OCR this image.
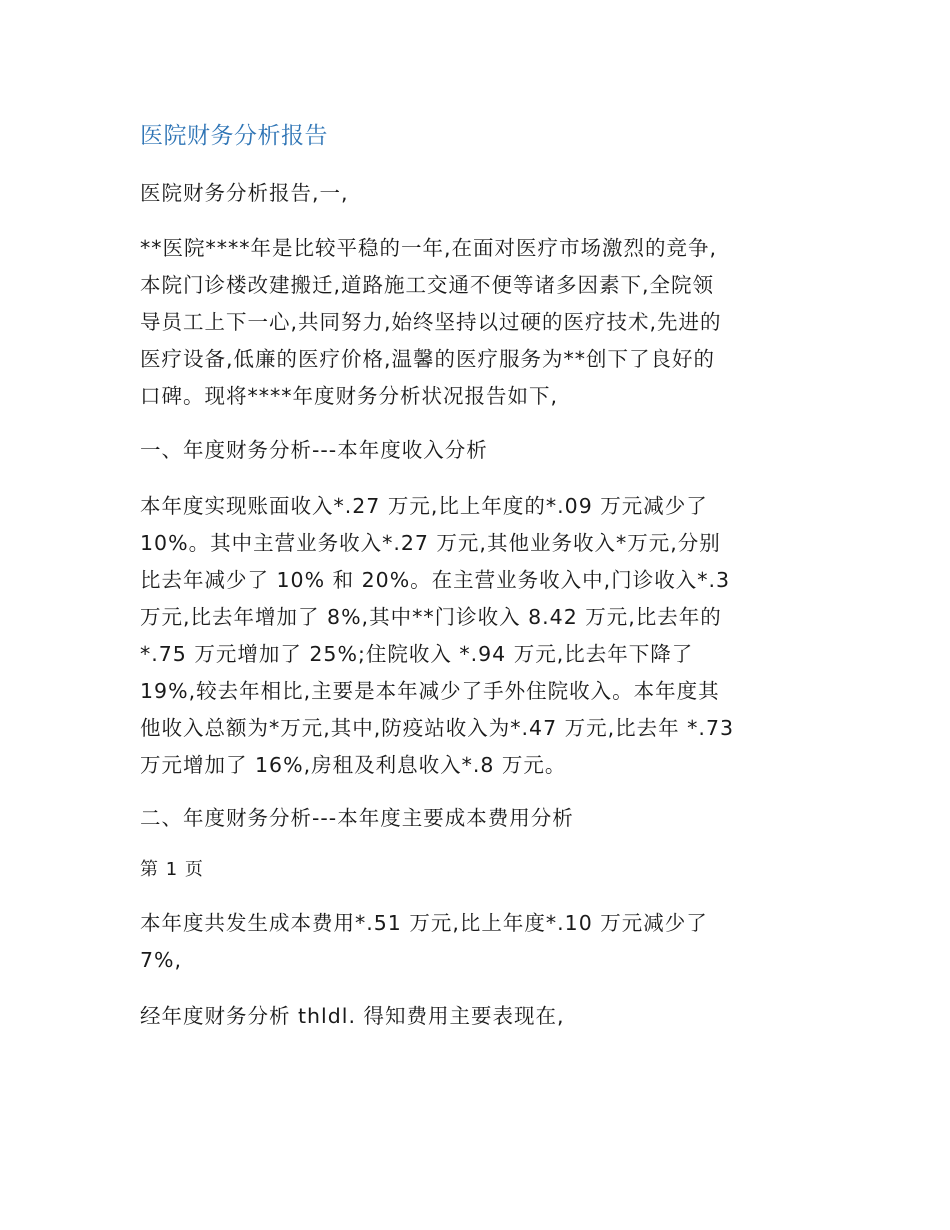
医院财务分析报告

医院财务分析报告,一,

**医院****年是比较平稳的一年,在面对医疗市场激烈的竞争,
本院门诊楼改建搬迁,道路施工交通不便等诸多因素下,全院领
导员工上下一心,共同努力,始终坚持以过硬的医疗技术,先进的
医疗设备,低廉的医疗价格,温馨的医疗服务为**创下了良好的
口碑。现将****年度财务分析状况报告如下,

一、年度财务分析---本年度收入分析

本年度实现账面收入*.27 万元,比上年度的*.09 万元减少了
10%。其中主营业务收入*.27 万元,其他业务收入*万元,分别
比去年减少了 10% 和 20%。在主营业务收入中,门诊收入*.3
万元,比去年增加了 8%,其中**门诊收入 8.42 万元,比去年的
*.75 万元增加了 25%;住院收入 *.94 万元,比去年下降了
19%,较去年相比,主要是本年减少了手外住院收入。本年度其
他收入总额为*万元,其中,防疫站收入为*.47 万元,比去年 *.73
万元增加了 16%,房租及利息收入*.8 万元。

二、年度财务分析---本年度主要成本费用分析

第 1 页

本年度共发生成本费用*.51 万元,比上年度*.10 万元减少了
7%,

经年度财务分析 thldl. 得知费用主要表现在,
